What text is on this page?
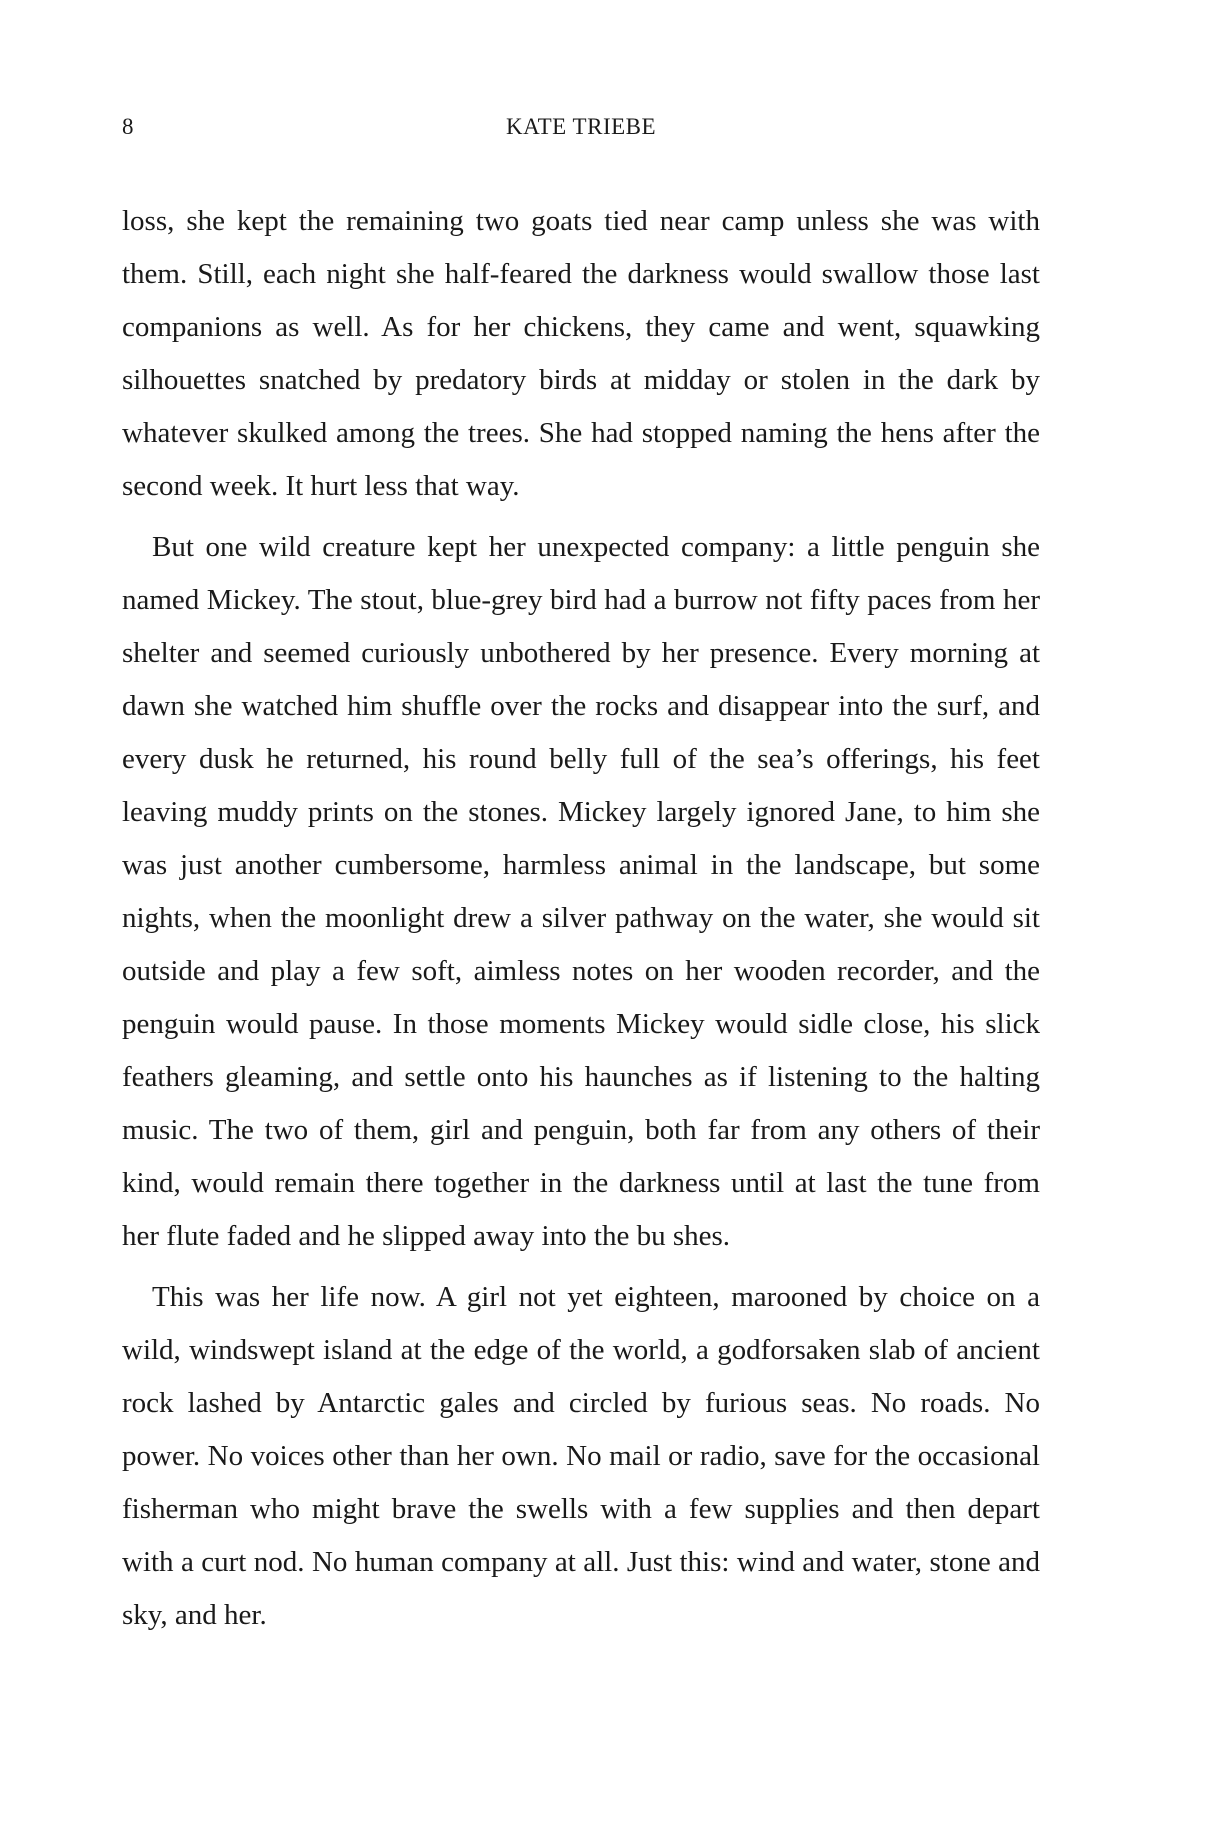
8	KATE TRIEBE

loss, she kept the remaining two goats tied near camp unless she was with them. Still, each night she half-feared the darkness would swallow those last companions as well. As for her chickens, they came and went, squawking silhouettes snatched by predatory birds at midday or stolen in the dark by whatever skulked among the trees. She had stopped naming the hens after the second week. It hurt less that way.

But one wild creature kept her unexpected company: a little penguin she named Mickey. The stout, blue-grey bird had a burrow not fifty paces from her shelter and seemed curiously unbothered by her presence. Every morning at dawn she watched him shuffle over the rocks and disappear into the surf, and every dusk he returned, his round belly full of the sea’s offerings, his feet leaving muddy prints on the stones. Mickey largely ignored Jane, to him she was just another cumbersome, harmless animal in the landscape, but some nights, when the moonlight drew a silver pathway on the water, she would sit outside and play a few soft, aimless notes on her wooden recorder, and the penguin would pause. In those moments Mickey would sidle close, his slick feathers gleaming, and settle onto his haunches as if listening to the halting music. The two of them, girl and penguin, both far from any others of their kind, would remain there together in the darkness until at last the tune from her flute faded and he slipped away into the bu shes.

This was her life now. A girl not yet eighteen, marooned by choice on a wild, windswept island at the edge of the world, a godforsaken slab of ancient rock lashed by Antarctic gales and circled by furious seas. No roads. No power. No voices other than her own. No mail or radio, save for the occasional fisherman who might brave the swells with a few supplies and then depart with a curt nod. No human company at all. Just this: wind and water, stone and sky, and her.
